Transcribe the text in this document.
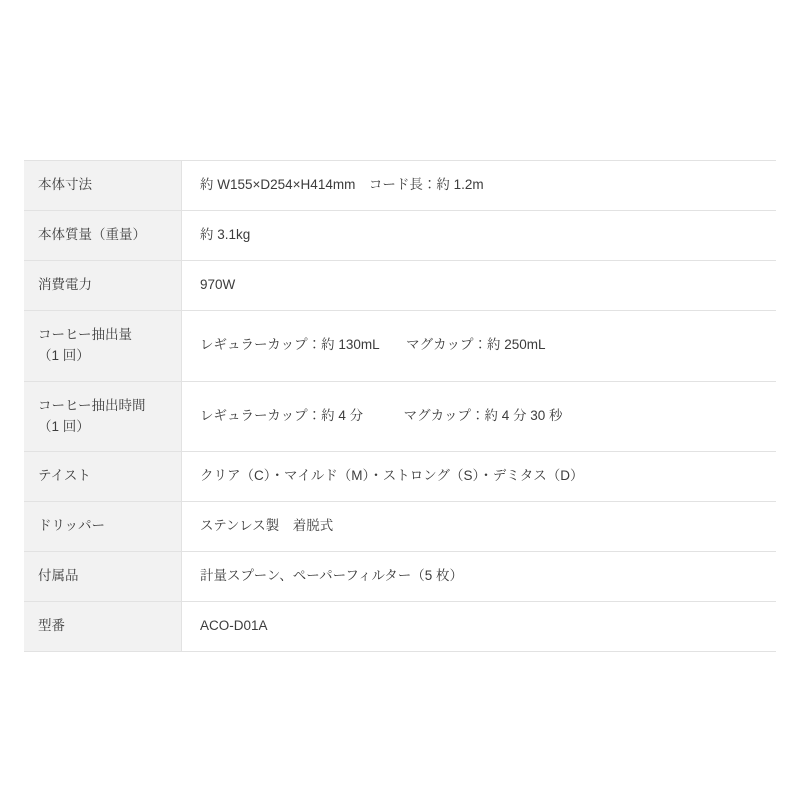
本体寸法	約 W155×D254×H414mm　コード長：約 1.2m
本体質量（重量）	約 3.1kg
消費電力	970W
コーヒー抽出量
（1 回）	レギュラーカップ：約 130mL　　マグカップ：約 250mL
コーヒー抽出時間
（1 回）	レギュラーカップ：約 4 分　　　マグカップ：約 4 分 30 秒
テイスト	クリア（C）・マイルド（M）・ストロング（S）・デミタス（D）
ドリッパー	ステンレス製　着脱式
付属品	計量スプーン、ペーパーフィルター（5 枚）
型番	ACO-D01A
